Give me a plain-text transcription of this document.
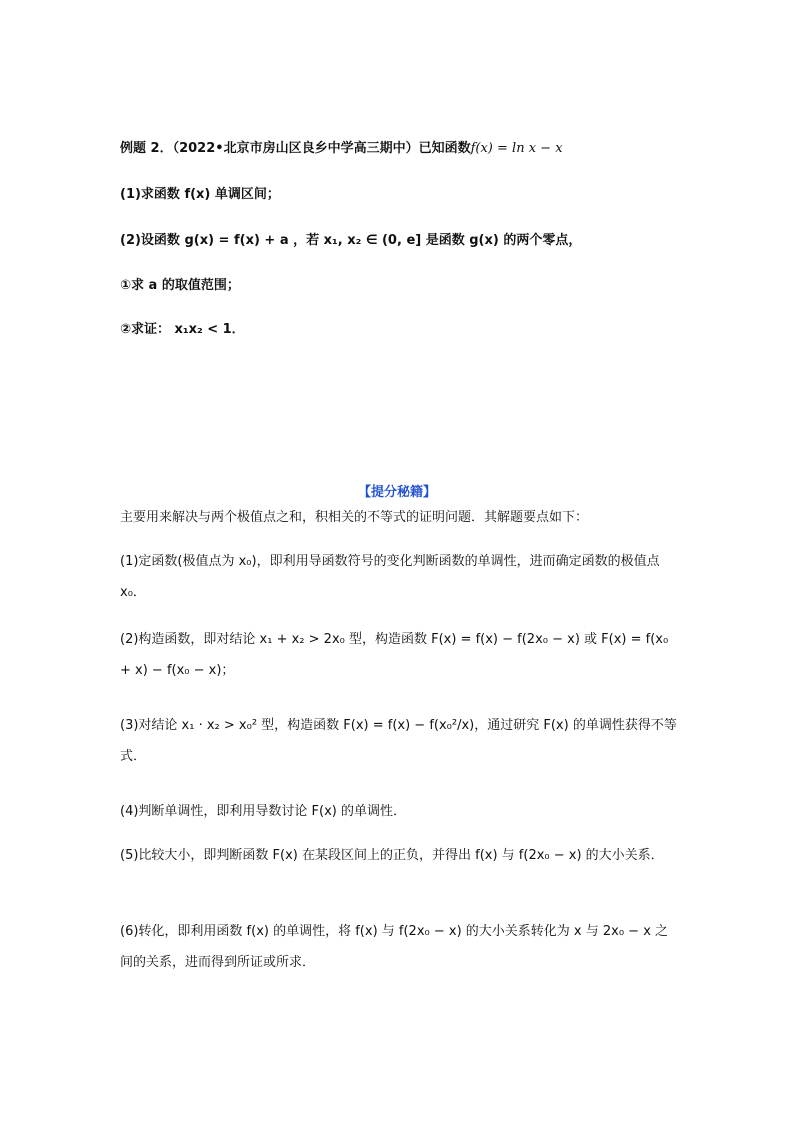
例题 2．（2022•北京市房山区良乡中学高三期中）已知函数f(x) = ln x − x
(1)求函数 f(x) 单调区间；
(2)设函数 g(x) = f(x) + a ，若 x₁, x₂ ∈ (0, e] 是函数 g(x) 的两个零点，
①求 a 的取值范围；
②求证： x₁x₂ < 1．
【提分秘籍】
主要用来解决与两个极值点之和，积相关的不等式的证明问题．其解题要点如下：
(1)定函数(极值点为 x₀)，即利用导函数符号的变化判断函数的单调性，进而确定函数的极值点 x₀．
(2)构造函数，即对结论 x₁ + x₂ > 2x₀ 型，构造函数 F(x) = f(x) − f(2x₀ − x) 或 F(x) = f(x₀ + x) − f(x₀ − x)；
(3)对结论 x₁ · x₂ > x₀² 型，构造函数 F(x) = f(x) − f(x₀²/x)，通过研究 F(x) 的单调性获得不等式．
(4)判断单调性，即利用导数讨论 F(x) 的单调性．
(5)比较大小，即判断函数 F(x) 在某段区间上的正负，并得出 f(x) 与 f(2x₀ − x) 的大小关系．
(6)转化，即利用函数 f(x) 的单调性，将 f(x) 与 f(2x₀ − x) 的大小关系转化为 x 与 2x₀ − x 之间的关系，进而得到所证或所求．
